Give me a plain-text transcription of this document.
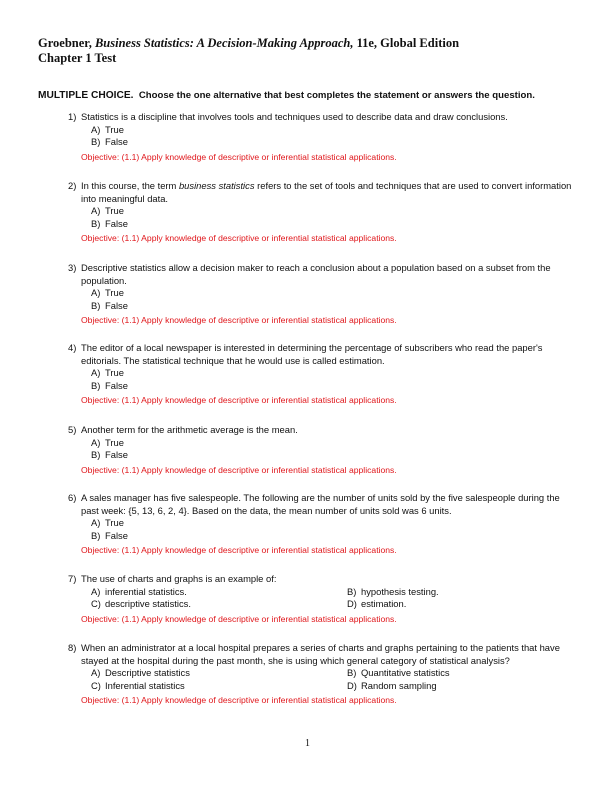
Groebner, Business Statistics: A Decision-Making Approach, 11e, Global Edition
Chapter 1 Test
MULTIPLE CHOICE. Choose the one alternative that best completes the statement or answers the question.
1) Statistics is a discipline that involves tools and techniques used to describe data and draw conclusions.
A) True
B) False
Objective: (1.1) Apply knowledge of descriptive or inferential statistical applications.
2) In this course, the term business statistics refers to the set of tools and techniques that are used to convert information into meaningful data.
A) True
B) False
Objective: (1.1) Apply knowledge of descriptive or inferential statistical applications.
3) Descriptive statistics allow a decision maker to reach a conclusion about a population based on a subset from the population.
A) True
B) False
Objective: (1.1) Apply knowledge of descriptive or inferential statistical applications.
4) The editor of a local newspaper is interested in determining the percentage of subscribers who read the paper's editorials. The statistical technique that he would use is called estimation.
A) True
B) False
Objective: (1.1) Apply knowledge of descriptive or inferential statistical applications.
5) Another term for the arithmetic average is the mean.
A) True
B) False
Objective: (1.1) Apply knowledge of descriptive or inferential statistical applications.
6) A sales manager has five salespeople. The following are the number of units sold by the five salespeople during the past week: {5, 13, 6, 2, 4}. Based on the data, the mean number of units sold was 6 units.
A) True
B) False
Objective: (1.1) Apply knowledge of descriptive or inferential statistical applications.
7) The use of charts and graphs is an example of:
A) inferential statistics.	B) hypothesis testing.
C) descriptive statistics.	D) estimation.
Objective: (1.1) Apply knowledge of descriptive or inferential statistical applications.
8) When an administrator at a local hospital prepares a series of charts and graphs pertaining to the patients that have stayed at the hospital during the past month, she is using which general category of statistical analysis?
A) Descriptive statistics	B) Quantitative statistics
C) Inferential statistics	D) Random sampling
Objective: (1.1) Apply knowledge of descriptive or inferential statistical applications.
1
